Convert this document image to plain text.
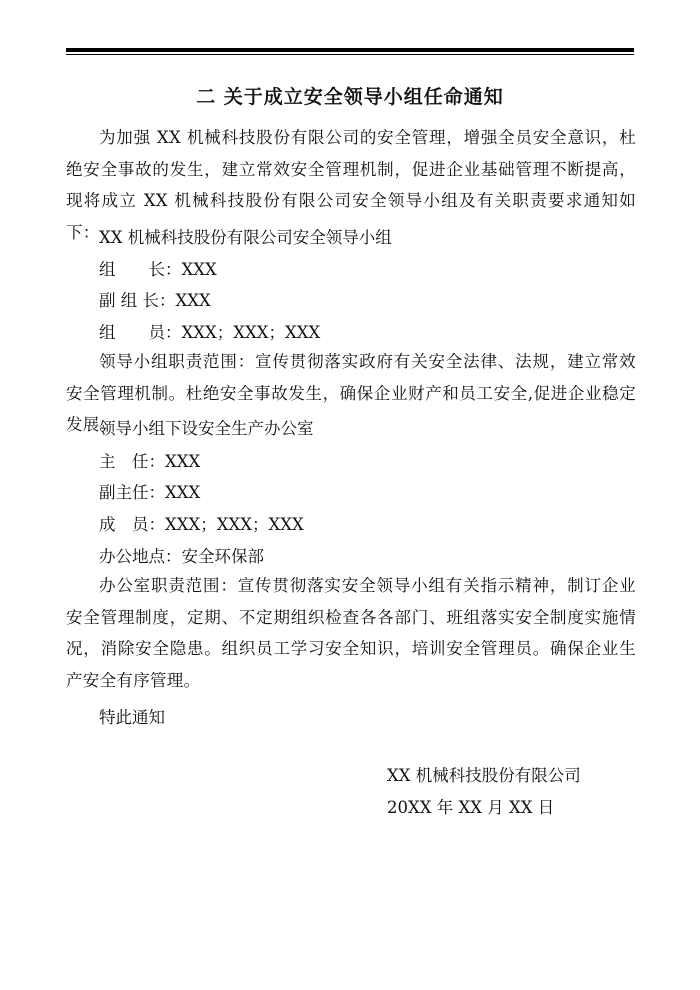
二 关于成立安全领导小组任命通知

为加强 XX 机械科技股份有限公司的安全管理，增强全员安全意识，杜绝安全事故的发生，建立常效安全管理机制，促进企业基础管理不断提高，现将成立 XX 机械科技股份有限公司安全领导小组及有关职责要求通知如下： XX 机械科技股份有限公司安全领导小组
组　　长：XXX
副 组 长：XXX
组　　员：XXX；XXX；XXX

领导小组职责范围：宣传贯彻落实政府有关安全法律、法规，建立常效安全管理机制。杜绝安全事故发生，确保企业财产和员工安全,促进企业稳定发展。

领导小组下设安全生产办公室
主　任：XXX
副主任：XXX
成　员：XXX；XXX；XXX
办公地点：安全环保部

办公室职责范围：宣传贯彻落实安全领导小组有关指示精神，制订企业安全管理制度，定期、不定期组织检查各各部门、班组落实安全制度实施情况，消除安全隐患。组织员工学习安全知识，培训安全管理员。确保企业生产安全有序管理。

特此通知
XX 机械科技股份有限公司
20XX 年 XX 月 XX 日
